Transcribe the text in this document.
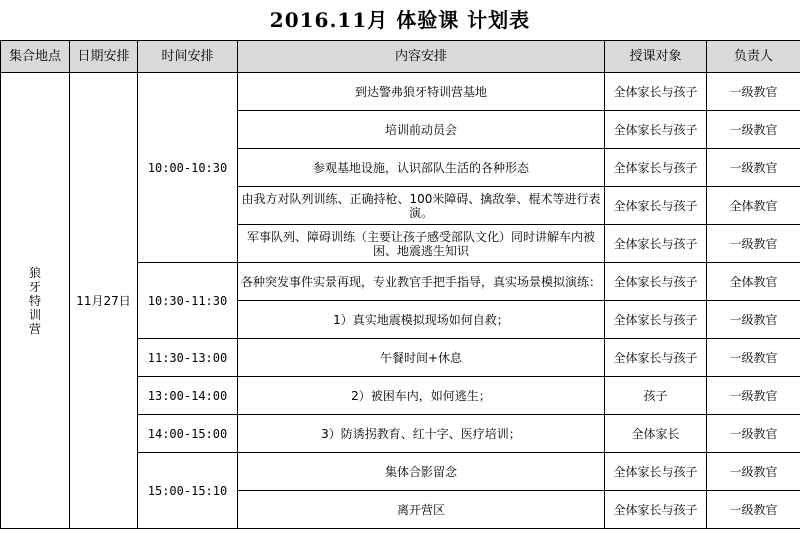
2016.11月 体验课 计划表
集合地点	日期安排	时间安排	内容安排	授课对象	负责人

狼
牙
特
训
营	11月27日	10:00-10:30	到达警弗狼牙特训营基地	全体家长与孩子	一级教官
			培训前动员会	全体家长与孩子	一级教官
			参观基地设施，认识部队生活的各种形态	全体家长与孩子	一级教官
			由我方对队列训练、正确持枪、100米障碍、擒敌拳、棍术等进行表演。	全体家长与孩子	全体教官
			军事队列、障碍训练（主要让孩子感受部队文化）同时讲解车内被困、地震逃生知识	全体家长与孩子	一级教官
		10:30-11:30	各种突发事件实景再现，专业教官手把手指导，真实场景模拟演练：	全体家长与孩子	全体教官
			1）真实地震模拟现场如何自救；	全体家长与孩子	一级教官
		11:30-13:00	午餐时间+休息	全体家长与孩子	一级教官
		13:00-14:00	2）被困车内，如何逃生；	孩子	一级教官
		14:00-15:00	3）防诱拐教育、红十字、医疗培训；	全体家长	一级教官
		15:00-15:10	集体合影留念	全体家长与孩子	一级教官
			离开营区	全体家长与孩子	一级教官
